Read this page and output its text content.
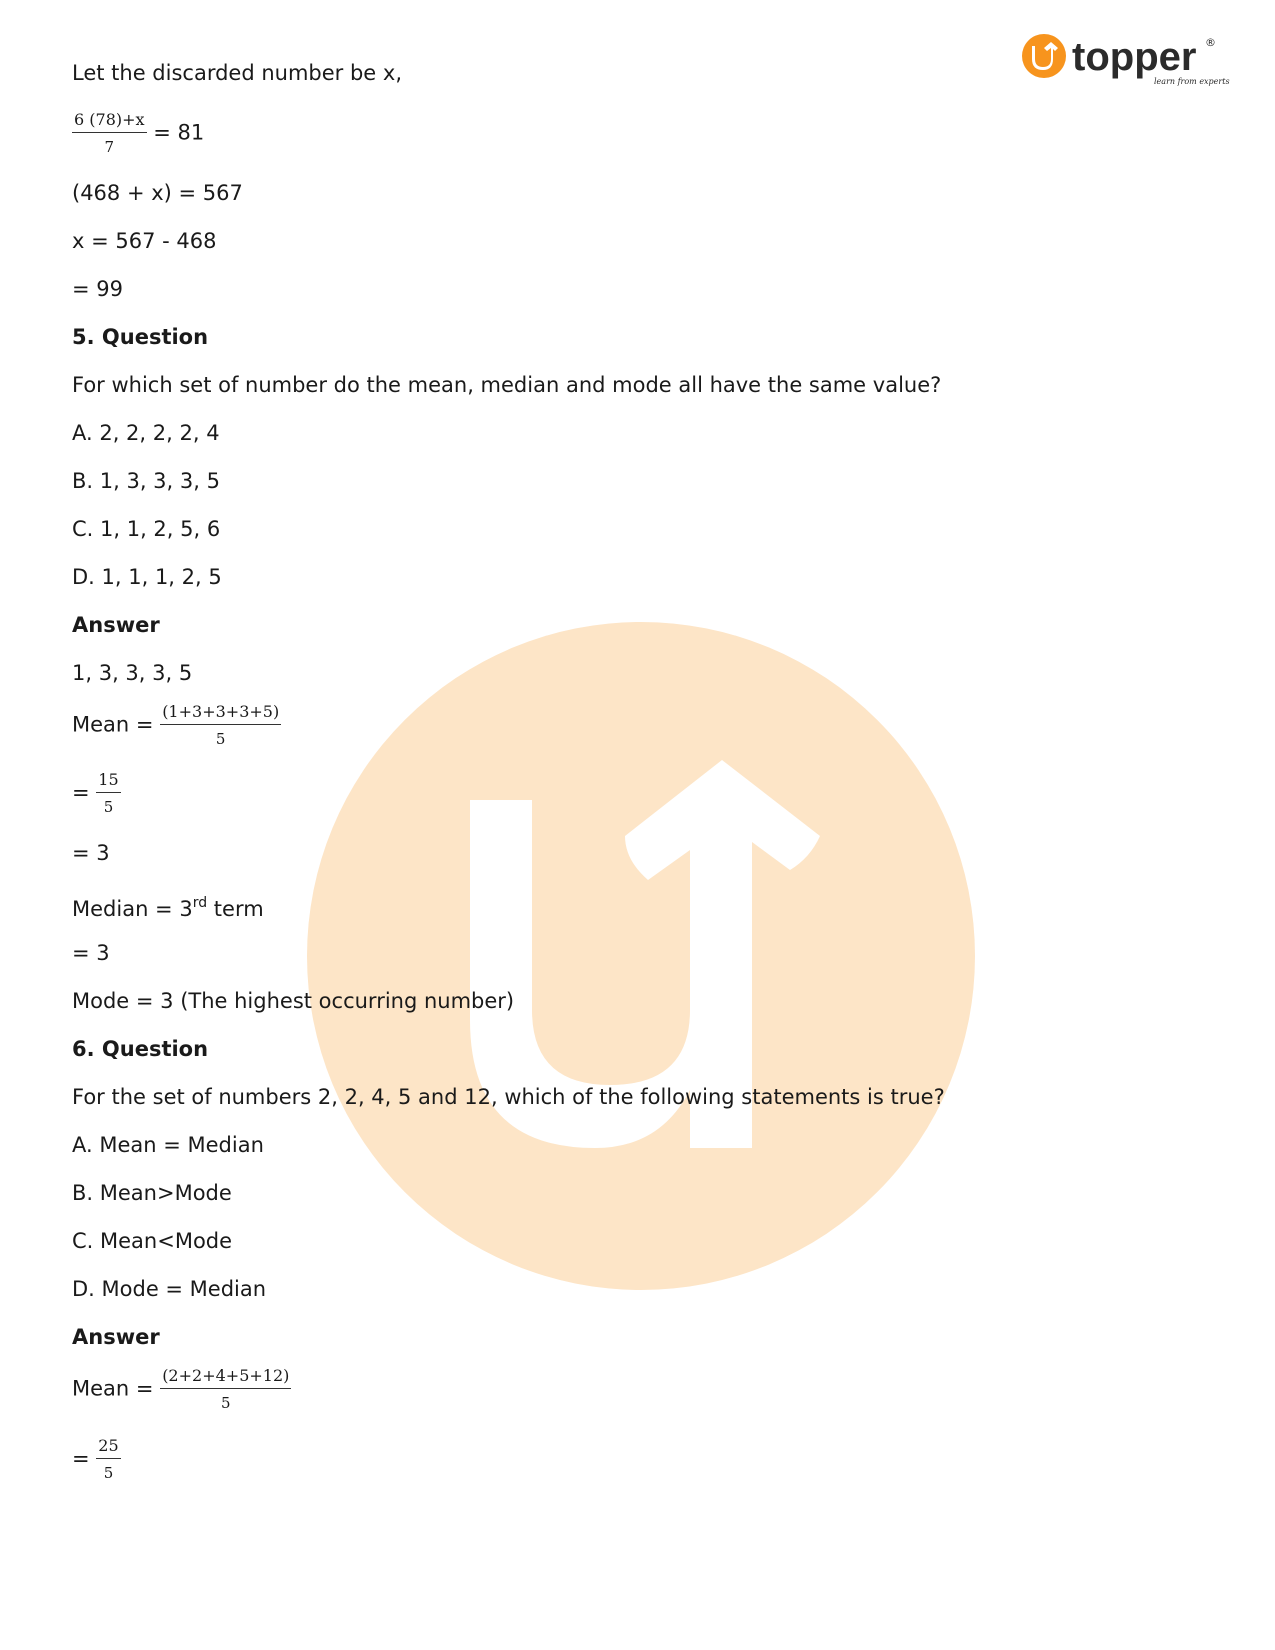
topper ®
learn from experts
Let the discarded number be x,
$\frac{6 (78)+x}{7} = 81$
(468 + x) = 567
x = 567 - 468
= 99
5. Question
For which set of number do the mean, median and mode all have the same value?
A. 2, 2, 2, 2, 4
B. 1, 3, 3, 3, 5
C. 1, 1, 2, 5, 6
D. 1, 1, 1, 2, 5
Answer
1, 3, 3, 3, 5
Mean = $\frac{(1+3+3+3+5)}{5}$
= $\frac{15}{5}$
= 3
Median = 3rd term
= 3
Mode = 3 (The highest occurring number)
6. Question
For the set of numbers 2, 2, 4, 5 and 12, which of the following statements is true?
A. Mean = Median
B. Mean>Mode
C. Mean<Mode
D. Mode = Median
Answer
Mean = $\frac{(2+2+4+5+12)}{5}$
= $\frac{25}{5}$
